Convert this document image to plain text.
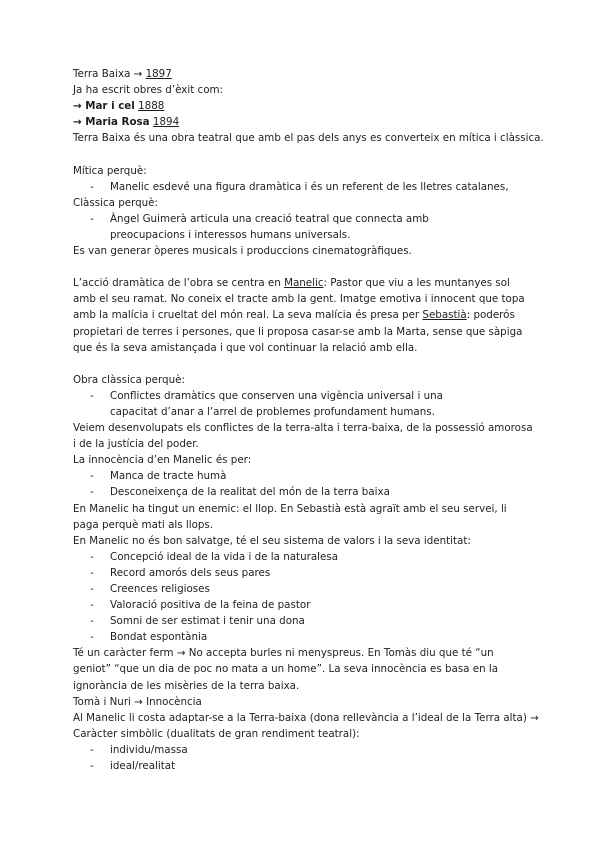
Terra Baixa → 1897
Ja ha escrit obres d’èxit com:
→ Mar i cel 1888
→ Maria Rosa 1894
Terra Baixa és una obra teatral que amb el pas dels anys es converteix en mítica i clàssica.
Mítica perquè:
-	Manelic esdevé una figura dramàtica i és un referent de les lletres catalanes,
Clàssica perquè:
-	Àngel Guimerà articula una creació teatral que connecta amb preocupacions i interessos humans universals.
Es van generar òperes musicals i produccions cinematogràfiques.
L’acció dramàtica de l’obra se centra en Manelic: Pastor que viu a les muntanyes sol amb el seu ramat. No coneix el tracte amb la gent. Imatge emotiva i innocent que topa amb la malícia i crueltat del món real. La seva malícia és presa per Sebastià: poderós propietari de terres i persones, que li proposa casar-se amb la Marta, sense que sàpiga que és la seva amistançada i que vol continuar la relació amb ella.
Obra clàssica perquè:
-	Conflictes dramàtics que conserven una vigència universal i una capacitat d’anar a l’arrel de problemes profundament humans.
Veiem desenvolupats els conflictes de la terra-alta i terra-baixa, de la possessió amorosa i de la justícia del poder.
La innocència d’en Manelic és per:
-	Manca de tracte humà
-	Desconeixença de la realitat del món de la terra baixa
En Manelic ha tingut un enemic: el llop. En Sebastià està agraït amb el seu servei, li paga perquè mati als llops.
En Manelic no és bon salvatge, té el seu sistema de valors i la seva identitat:
-	Concepció ideal de la vida i de la naturalesa
-	Record amorós dels seus pares
-	Creences religioses
-	Valoració positiva de la feina de pastor
-	Somni de ser estimat i tenir una dona
-	Bondat espontània
Té un caràcter ferm → No accepta burles ni menyspreus. En Tomàs diu que té “un geniot” “que un dia de poc no mata a un home”. La seva innocència es basa en la ignorància de les misèries de la terra baixa.
Tomà i Nuri → Innocència
Al Manelic li costa adaptar-se a la Terra-baixa (dona rellevància a l’ideal de la Terra alta) →
Caràcter simbòlic (dualitats de gran rendiment teatral):
-	individu/massa
-	ideal/realitat
